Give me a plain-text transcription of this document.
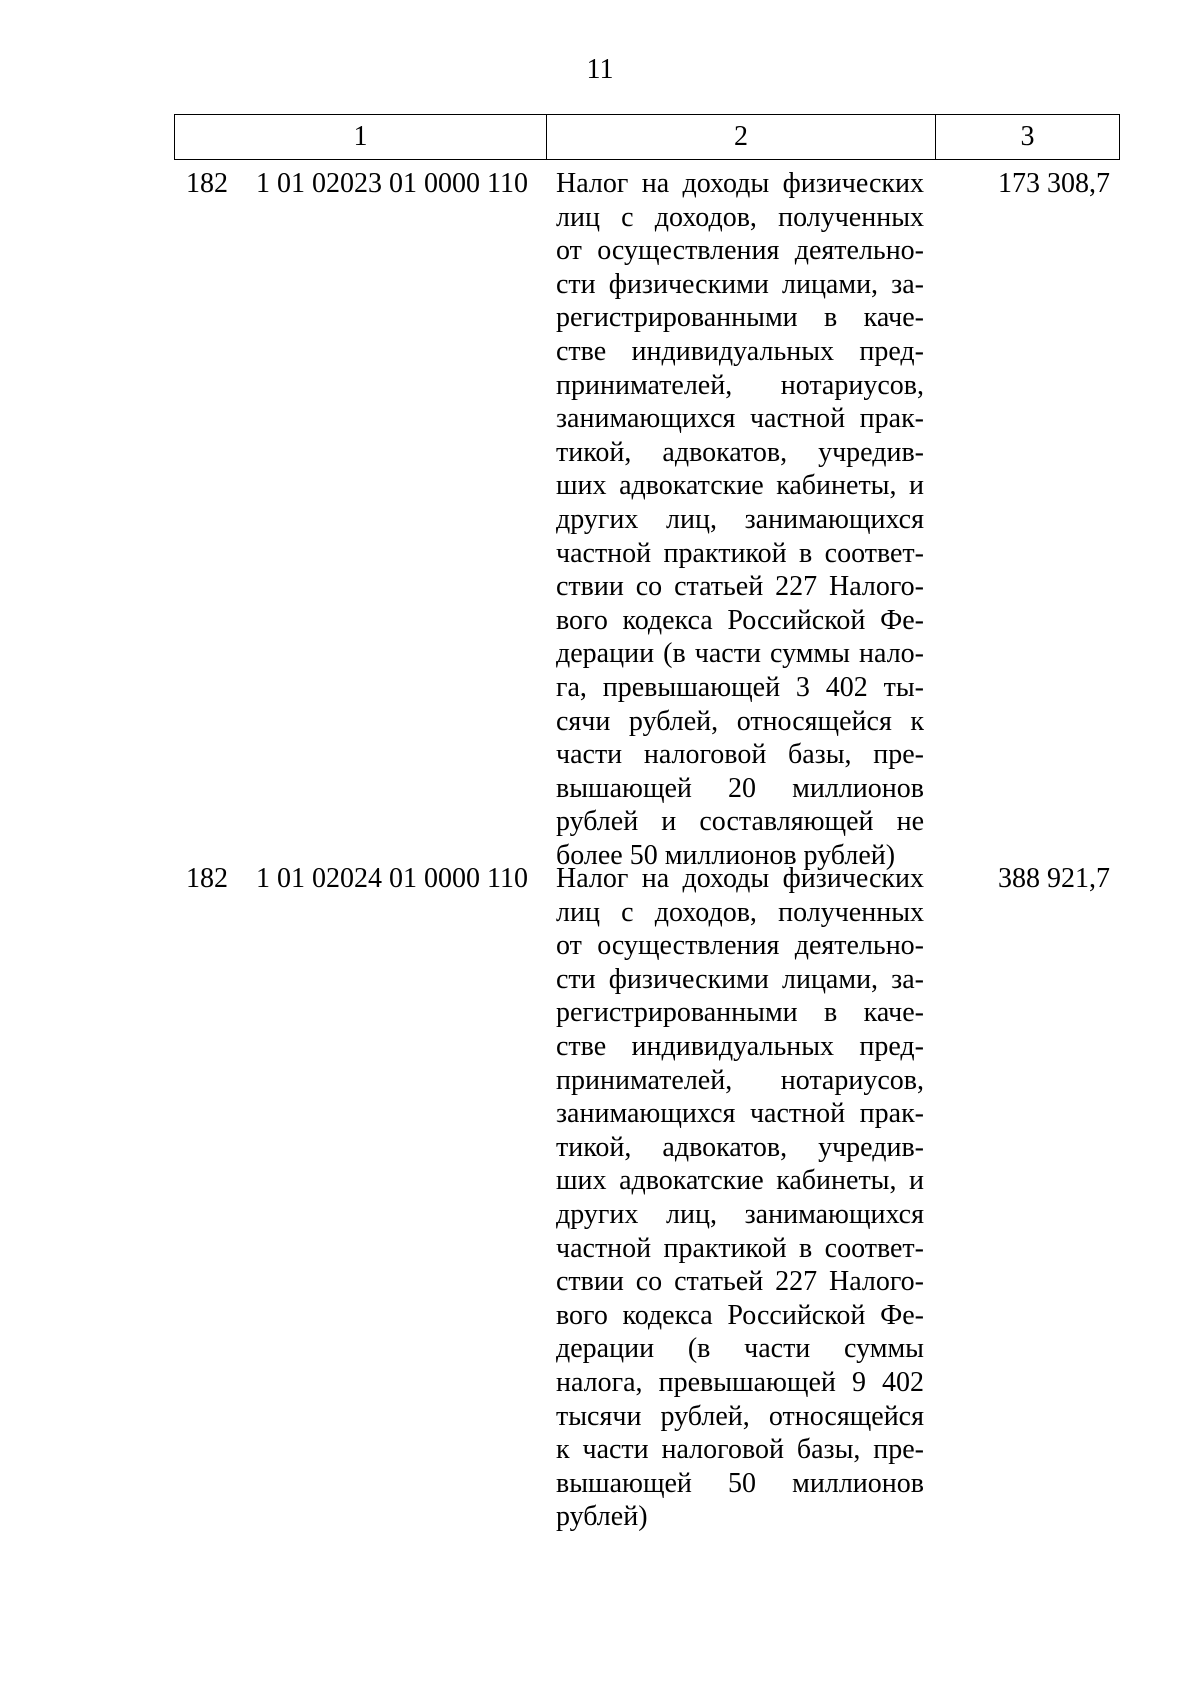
11
1	2	3
182 1 01 02023 01 0000 110 Налог на доходы физических
лиц с доходов, полученных
от осуществления деятельно-
сти физическими лицами, за-
регистрированными в каче-
стве индивидуальных пред-
принимателей, нотариусов,
занимающихся частной прак-
тикой, адвокатов, учредив-
ших адвокатские кабинеты, и
других лиц, занимающихся
частной практикой в соответ-
ствии со статьей 227 Налого-
вого кодекса Российской Фе-
дерации (в части суммы нало-
га, превышающей 3 402 ты-
сячи рублей, относящейся к
части налоговой базы, пре-
вышающей 20 миллионов
рублей и составляющей не
более 50 миллионов рублей)
173 308,7
182 1 01 02024 01 0000 110 Налог на доходы физических
лиц с доходов, полученных
от осуществления деятельно-
сти физическими лицами, за-
регистрированными в каче-
стве индивидуальных пред-
принимателей, нотариусов,
занимающихся частной прак-
тикой, адвокатов, учредив-
ших адвокатские кабинеты, и
других лиц, занимающихся
частной практикой в соответ-
ствии со статьей 227 Налого-
вого кодекса Российской Фе-
дерации (в части суммы
налога, превышающей 9 402
тысячи рублей, относящейся
к части налоговой базы, пре-
вышающей 50 миллионов
рублей)
388 921,7
